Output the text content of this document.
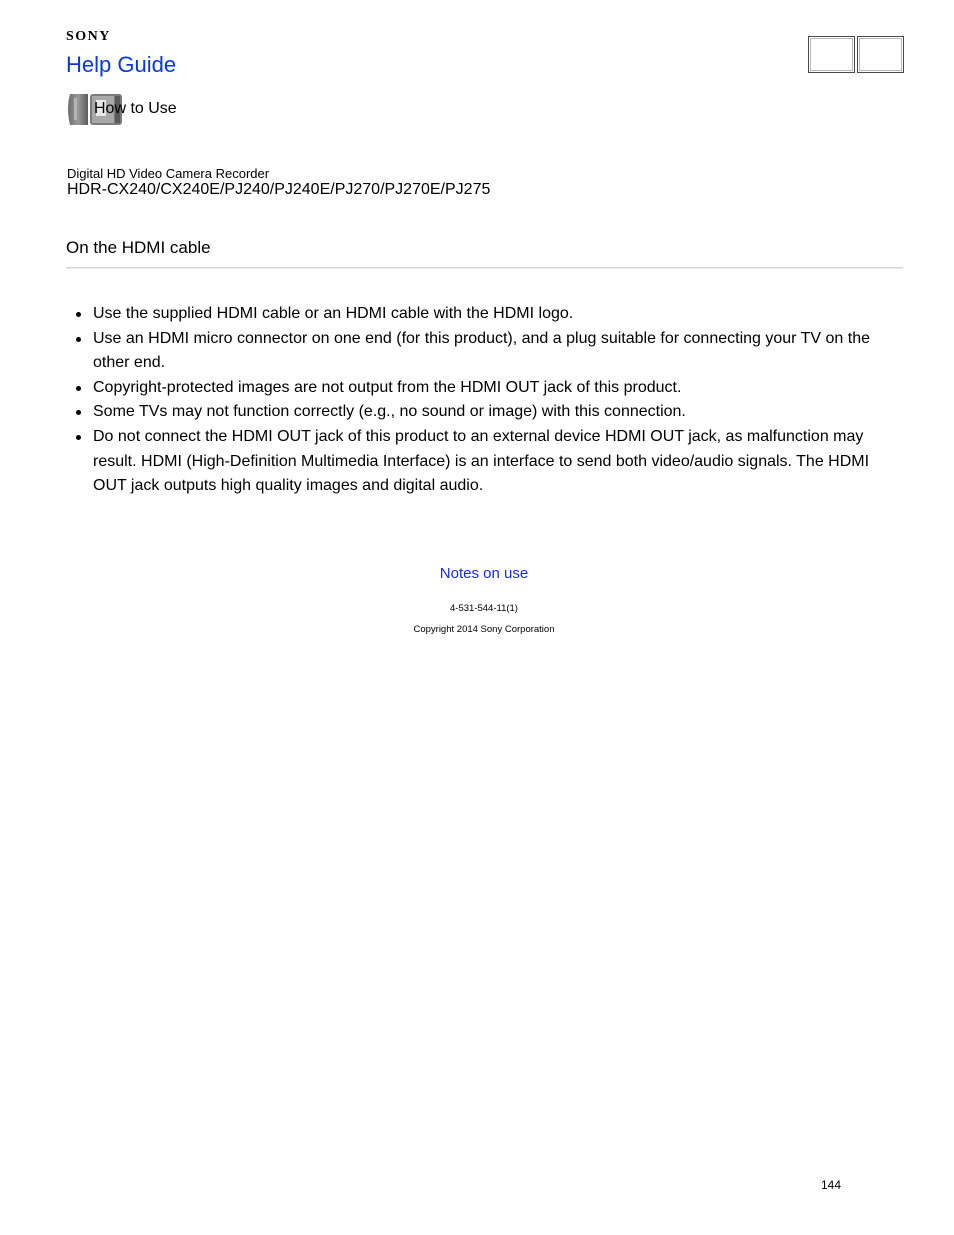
SONY
Help Guide
How to Use
Digital HD Video Camera Recorder
HDR-CX240/CX240E/PJ240/PJ240E/PJ270/PJ270E/PJ275
On the HDMI cable
Use the supplied HDMI cable or an HDMI cable with the HDMI logo.
Use an HDMI micro connector on one end (for this product), and a plug suitable for connecting your TV on the other end.
Copyright-protected images are not output from the HDMI OUT jack of this product.
Some TVs may not function correctly (e.g., no sound or image) with this connection.
Do not connect the HDMI OUT jack of this product to an external device HDMI OUT jack, as malfunction may result. HDMI (High-Definition Multimedia Interface) is an interface to send both video/audio signals. The HDMI OUT jack outputs high quality images and digital audio.
Notes on use
4-531-544-11(1)
Copyright 2014 Sony Corporation
144
